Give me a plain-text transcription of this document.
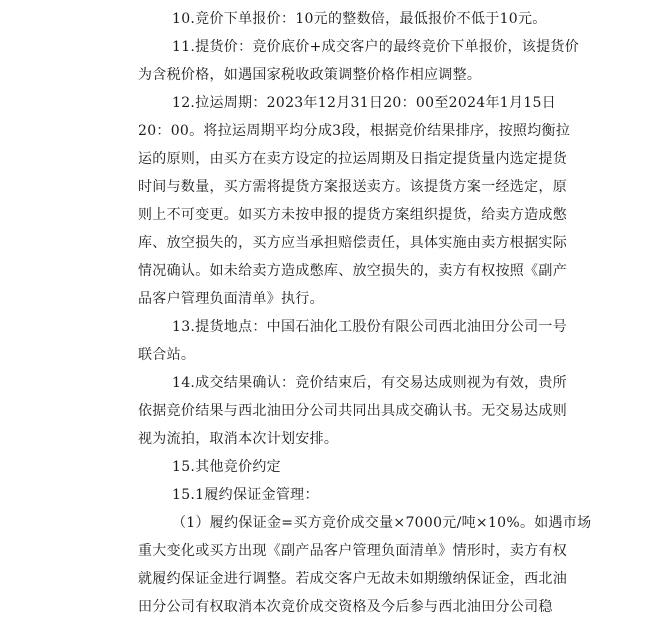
10.竞价下单报价：10元的整数倍，最低报价不低于10元。
11.提货价：竞价底价+成交客户的最终竞价下单报价，该提货价
为含税价格，如遇国家税收政策调整价格作相应调整。
12.拉运周期：2023年12月31日20：00至2024年1月15日
20：00。将拉运周期平均分成3段，根据竞价结果排序，按照均衡拉
运的原则，由买方在卖方设定的拉运周期及日指定提货量内选定提货
时间与数量，买方需将提货方案报送卖方。该提货方案一经选定，原
则上不可变更。如买方未按申报的提货方案组织提货，给卖方造成憋
库、放空损失的，买方应当承担赔偿责任，具体实施由卖方根据实际
情况确认。如未给卖方造成憋库、放空损失的，卖方有权按照《副产
品客户管理负面清单》执行。
13.提货地点：中国石油化工股份有限公司西北油田分公司一号
联合站。
14.成交结果确认：竞价结束后，有交易达成则视为有效，贵所
依据竞价结果与西北油田分公司共同出具成交确认书。无交易达成则
视为流拍，取消本次计划安排。
15.其他竞价约定
15.1履约保证金管理：
（1）履约保证金=买方竞价成交量×7000元/吨×10%。如遇市场
重大变化或买方出现《副产品客户管理负面清单》情形时，卖方有权
就履约保证金进行调整。若成交客户无故未如期缴纳保证金，西北油
田分公司有权取消本次竞价成交资格及今后参与西北油田分公司稳
